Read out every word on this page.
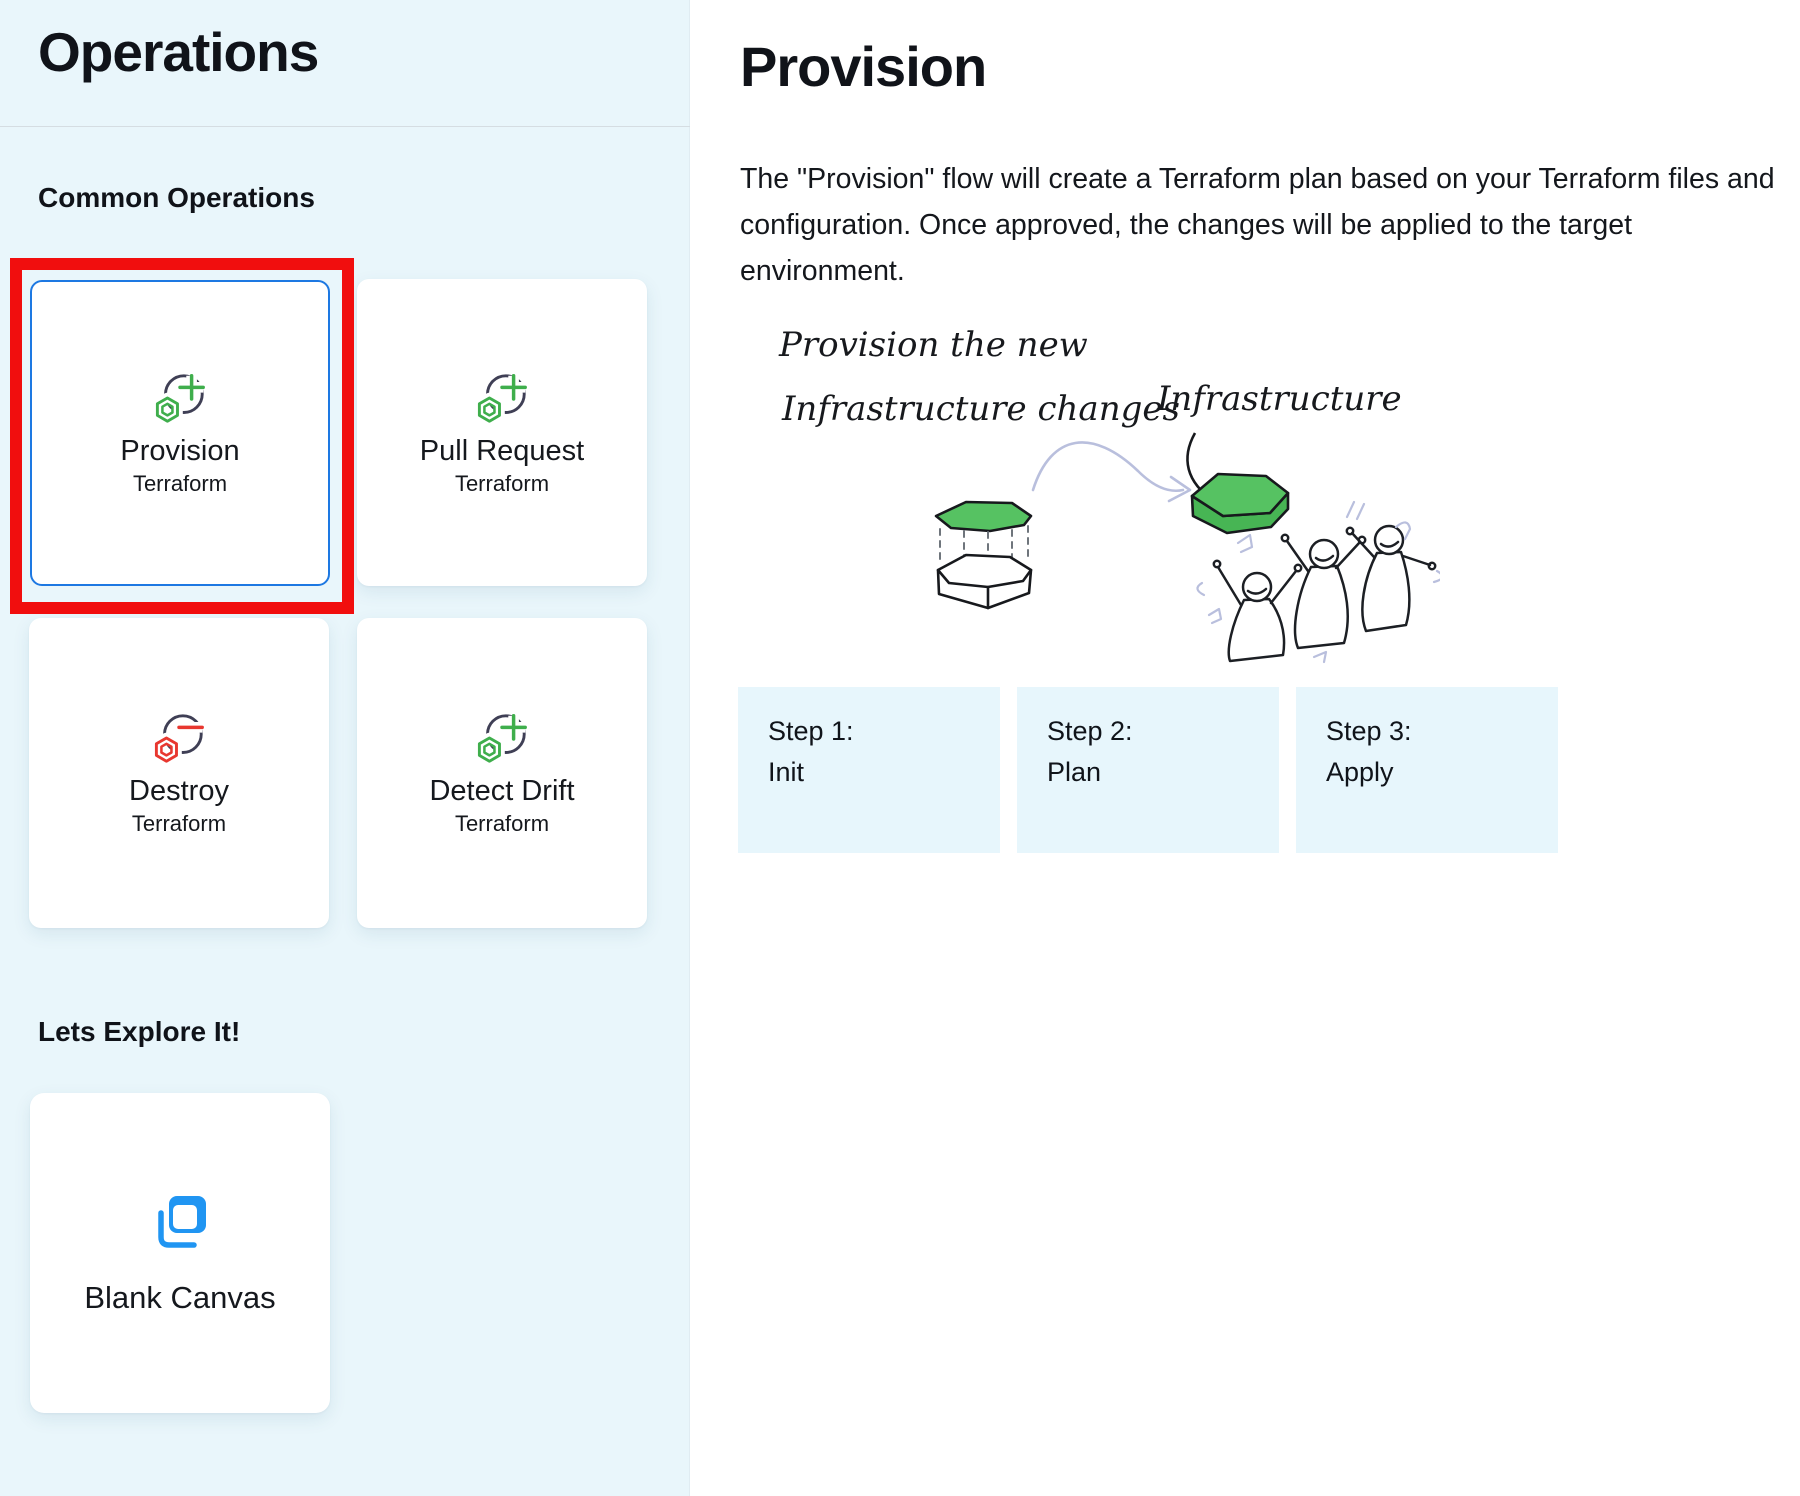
Operations
Common Operations
Provision
Terraform
Pull Request
Terraform
Destroy
Terraform
Detect Drift
Terraform
Lets Explore It!
Blank Canvas
Provision

The "Provision" flow will create a Terraform plan based on your Terraform files and configuration. Once approved, the changes will be applied to the target environment.

Provision the new
Infrastructure changes
Infrastructure
Step 1:
Init
Step 2:
Plan
Step 3:
Apply
